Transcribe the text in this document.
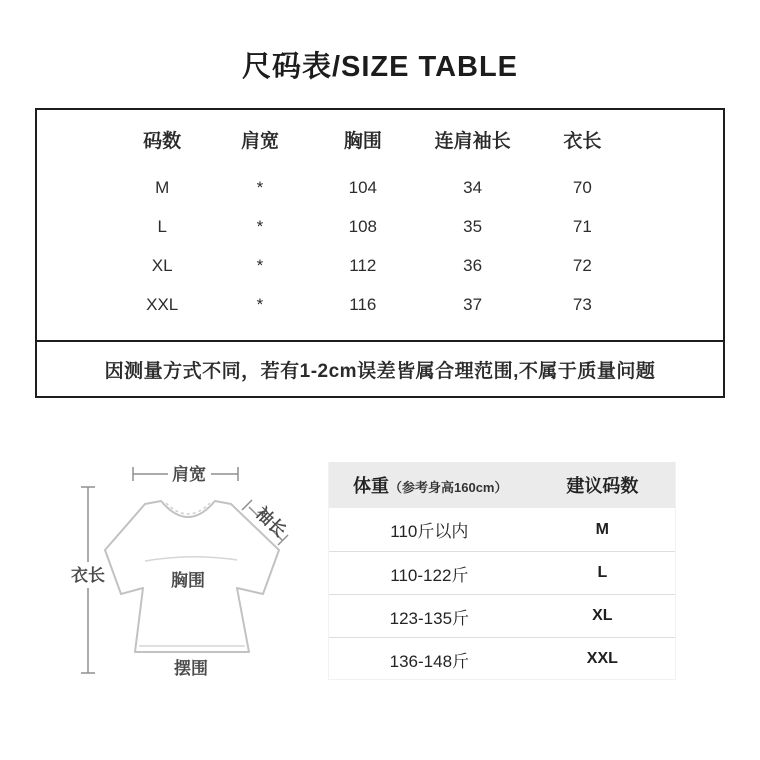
尺码表/SIZE TABLE
码数	肩宽	胸围	连肩袖长	衣长
M	*	104	34	70
L	*	108	35	71
XL	*	112	36	72
XXL	*	116	37	73
因测量方式不同，若有1-2cm误差皆属合理范围,不属于质量问题
肩宽
袖长
衣长	胸围
摆围
体重 （参考身高160cm）	建议码数
110斤以内	M
110-122斤	L
123-135斤	XL
136-148斤	XXL
